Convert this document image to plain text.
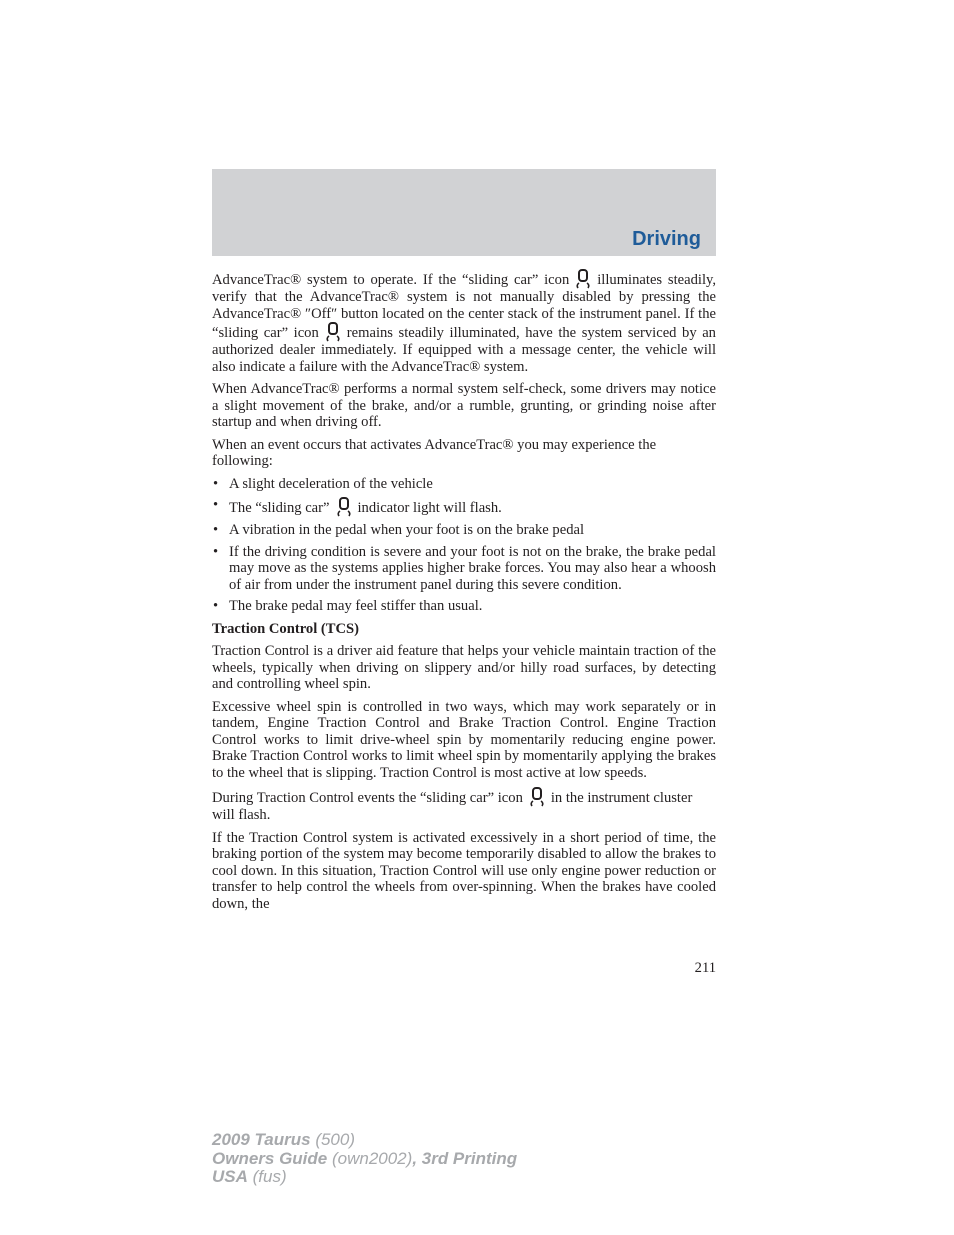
Driving

AdvanceTrac® system to operate. If the “sliding car” icon illuminates steadily, verify that the AdvanceTrac® system is not manually disabled by pressing the AdvanceTrac® ″Off″ button located on the center stack of the instrument panel. If the “sliding car” icon remains steadily illuminated, have the system serviced by an authorized dealer immediately. If equipped with a message center, the vehicle will also indicate a failure with the AdvanceTrac® system.

When AdvanceTrac® performs a normal system self-check, some drivers may notice a slight movement of the brake, and/or a rumble, grunting, or grinding noise after startup and when driving off.

When an event occurs that activates AdvanceTrac® you may experience the following:

• A slight deceleration of the vehicle
• The “sliding car” indicator light will flash.
• A vibration in the pedal when your foot is on the brake pedal
• If the driving condition is severe and your foot is not on the brake, the brake pedal may move as the systems applies higher brake forces. You may also hear a whoosh of air from under the instrument panel during this severe condition.
• The brake pedal may feel stiffer than usual.
Traction Control (TCS)

Traction Control is a driver aid feature that helps your vehicle maintain traction of the wheels, typically when driving on slippery and/or hilly road surfaces, by detecting and controlling wheel spin.

Excessive wheel spin is controlled in two ways, which may work separately or in tandem, Engine Traction Control and Brake Traction Control. Engine Traction Control works to limit drive-wheel spin by momentarily reducing engine power. Brake Traction Control works to limit wheel spin by momentarily applying the brakes to the wheel that is slipping. Traction Control is most active at low speeds.

During Traction Control events the “sliding car” icon in the instrument cluster will flash.

If the Traction Control system is activated excessively in a short period of time, the braking portion of the system may become temporarily disabled to allow the brakes to cool down. In this situation, Traction Control will use only engine power reduction or transfer to help control the wheels from over-spinning. When the brakes have cooled down, the

211
2009 Taurus (500)
Owners Guide (own2002), 3rd Printing
USA (fus)
